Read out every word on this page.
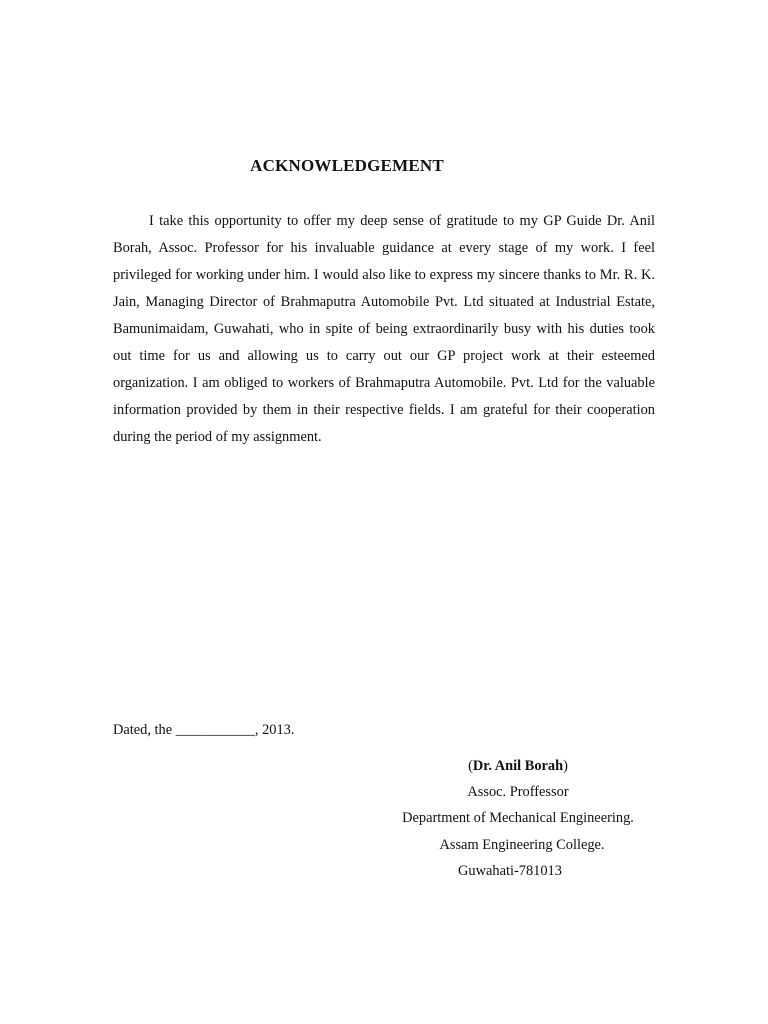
ACKNOWLEDGEMENT

I take this opportunity to offer my deep sense of gratitude to my GP Guide Dr. Anil Borah, Assoc. Professor for his invaluable guidance at every stage of my work. I feel privileged for working under him. I would also like to express my sincere thanks to Mr. R. K. Jain, Managing Director of Brahmaputra Automobile Pvt. Ltd situated at Industrial Estate, Bamunimaidam, Guwahati, who in spite of being extraordinarily busy with his duties took out time for us and allowing us to carry out our GP project work at their esteemed organization. I am obliged to workers of Brahmaputra Automobile. Pvt. Ltd for the valuable information provided by them in their respective fields. I am grateful for their cooperation during the period of my assignment.

Dated, the ___________, 2013.
(Dr. Anil Borah)
Assoc. Proffessor
Department of Mechanical Engineering.
Assam Engineering College.
Guwahati-781013
